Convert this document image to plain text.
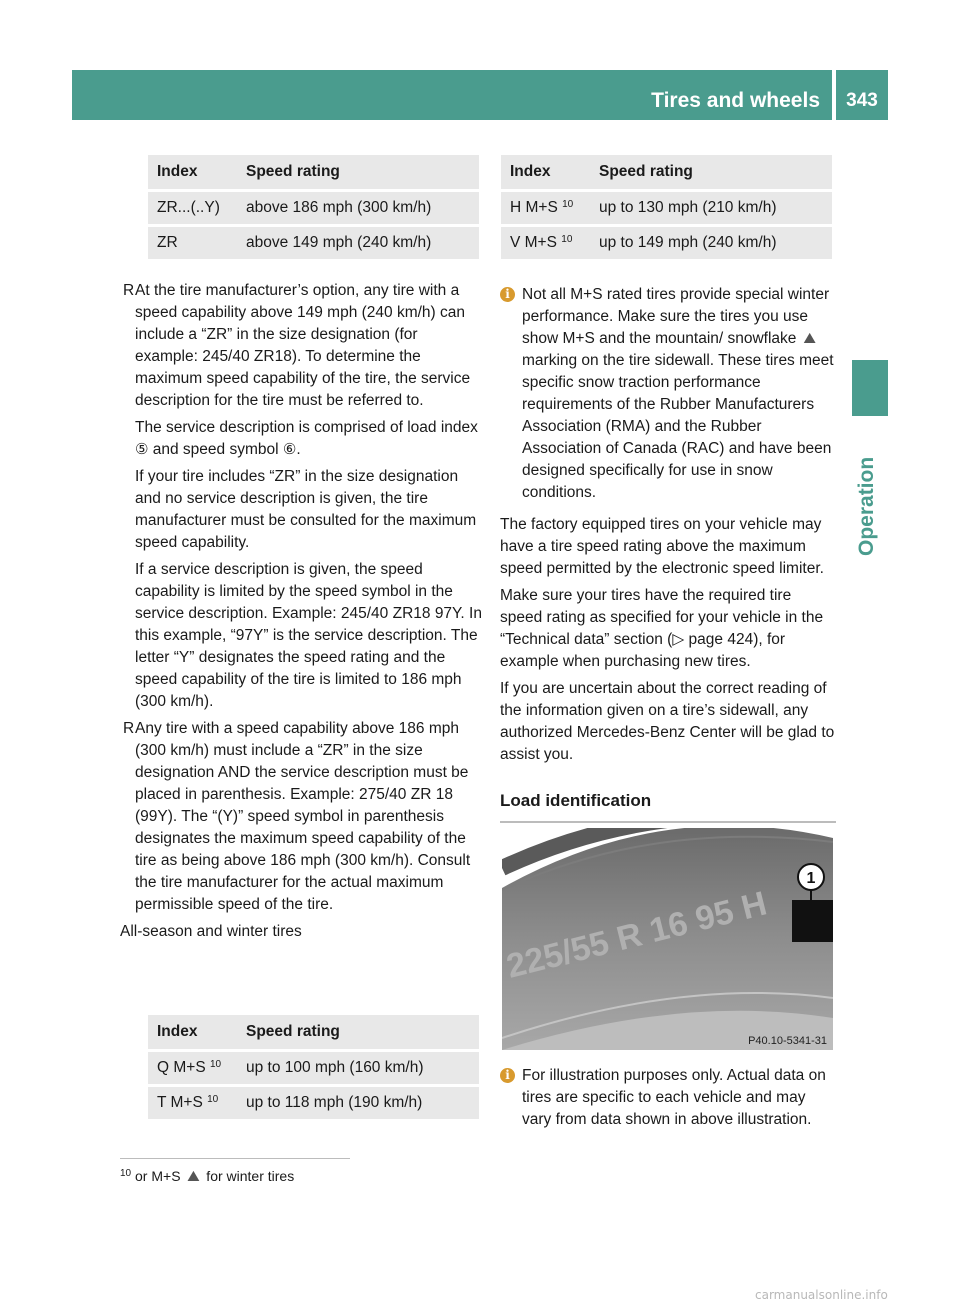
Tires and wheels	343
Operation
Index	Speed rating
ZR...(..Y)	above 186 mph (300 km/h)
ZR	above 149 mph (240 km/h)
R At the tire manufacturer’s option, any tire with a speed capability above 149 mph (240 km/h) can include a “ZR” in the size designation (for example: 245/40 ZR18). To determine the maximum speed capability of the tire, the service description for the tire must be referred to.

The service description is comprised of load index ⑤ and speed symbol ⑥.

If your tire includes “ZR” in the size designation and no service description is given, the tire manufacturer must be consulted for the maximum speed capability.

If a service description is given, the speed capability is limited by the speed symbol in the service description. Example: 245/40 ZR18 97Y. In this example, “97Y” is the service description. The letter “Y” designates the speed rating and the speed capability of the tire is limited to 186 mph (300 km/h).

R Any tire with a speed capability above 186 mph (300 km/h) must include a “ZR” in the size designation AND the service description must be placed in parenthesis. Example: 275/40 ZR 18 (99Y). The “(Y)” speed symbol in parenthesis designates the maximum speed capability of the tire as being above 186 mph (300 km/h). Consult the tire manufacturer for the actual maximum permissible speed of the tire.

All-season and winter tires

Index	Speed rating
Q M+S $^{10}$	up to 100 mph (160 km/h)
T M+S $^{10}$	up to 118 mph (190 km/h)
Index	Speed rating
H M+S $^{10}$	up to 130 mph (210 km/h)
V M+S $^{10}$	up to 149 mph (240 km/h)
i Not all M+S rated tires provide special winter performance. Make sure the tires you use show M+S and the mountain/ snowflake ⛰ marking on the tire sidewall. These tires meet specific snow traction performance requirements of the Rubber Manufacturers Association (RMA) and the Rubber Association of Canada (RAC) and have been designed specifically for use in snow conditions.

The factory equipped tires on your vehicle may have a tire speed rating above the maximum speed permitted by the electronic speed limiter.

Make sure your tires have the required tire speed rating as specified for your vehicle in the “Technical data” section (▷ page 424), for example when purchasing new tires.

If you are uncertain about the correct reading of the information given on a tire’s sidewall, any authorized Mercedes-Benz Center will be glad to assist you.

Load identification

225/55 R 16 95 H
1
P40.10-5341-31
i For illustration purposes only. Actual data on tires are specific to each vehicle and may vary from data shown in above illustration.

$^{10}$ or M+S ⛰ for winter tires
carmanualsonline.info
